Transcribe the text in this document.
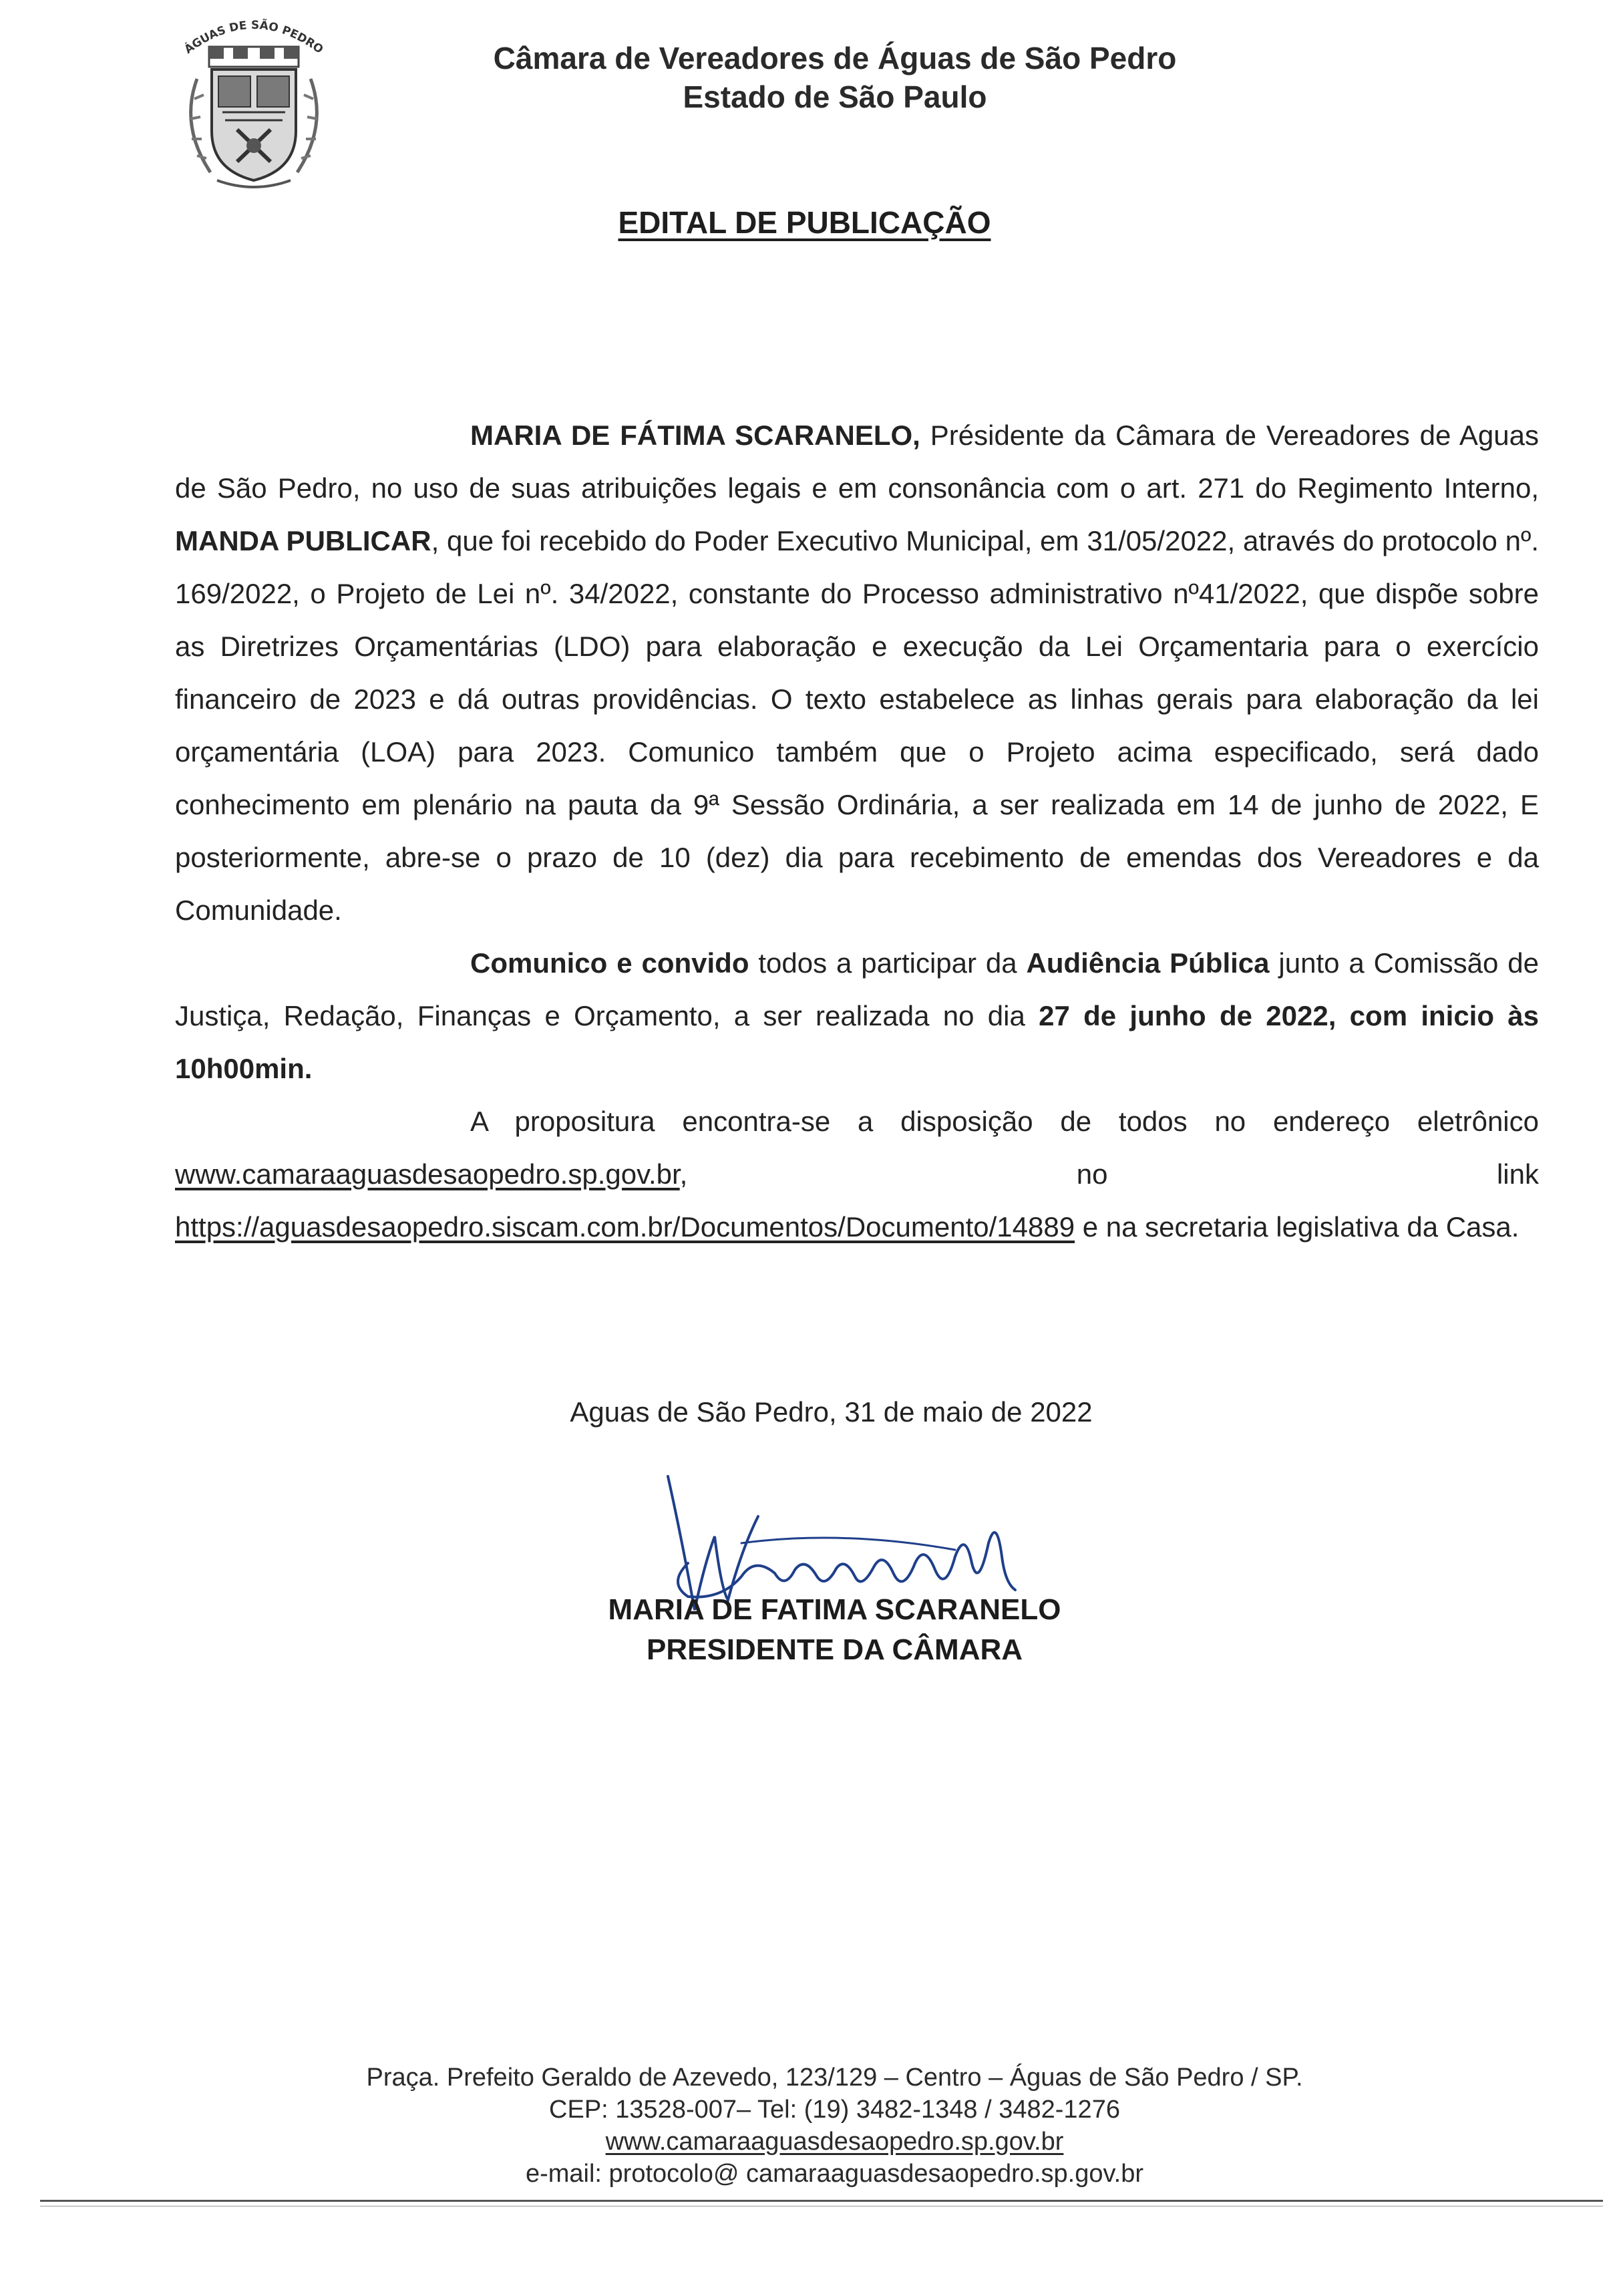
ÁGUAS DE SÃO PEDRO	Câmara de Vereadores de Águas de São Pedro
Estado de São Paulo
EDITAL DE PUBLICAÇÃO

MARIA DE FÁTIMA SCARANELO, Présidente da Câmara de Vereadores de Aguas de São Pedro, no uso de suas atribuições legais e em consonância com o art. 271 do Regimento Interno, MANDA PUBLICAR, que foi recebido do Poder Executivo Municipal, em 31/05/2022, através do protocolo nº. 169/2022, o Projeto de Lei nº. 34/2022, constante do Processo administrativo nº41/2022, que dispõe sobre as Diretrizes Orçamentárias (LDO) para elaboração e execução da Lei Orçamentaria para o exercício financeiro de 2023 e dá outras providências. O texto estabelece as linhas gerais para elaboração da lei orçamentária (LOA) para 2023. Comunico também que o Projeto acima especificado, será dado conhecimento em plenário na pauta da 9ª Sessão Ordinária, a ser realizada em 14 de junho de 2022, E posteriormente, abre-se o prazo de 10 (dez) dia para recebimento de emendas dos Vereadores e da Comunidade.

Comunico e convido todos a participar da Audiência Pública junto a Comissão de Justiça, Redação, Finanças e Orçamento, a ser realizada no dia 27 de junho de 2022, com inicio às 10h00min.

A propositura encontra-se a disposição de todos no endereço eletrônico www.camaraaguasdesaopedro.sp.gov.br, no link https://aguasdesaopedro.siscam.com.br/Documentos/Documento/14889 e na secretaria legislativa da Casa.

Aguas de São Pedro, 31 de maio de 2022
MARIA DE FATIMA SCARANELO
PRESIDENTE DA CÂMARA
Praça. Prefeito Geraldo de Azevedo, 123/129 – Centro – Águas de São Pedro / SP.
CEP: 13528-007– Tel: (19) 3482-1348 / 3482-1276
www.camaraaguasdesaopedro.sp.gov.br
e-mail: protocolo@ camaraaguasdesaopedro.sp.gov.br
